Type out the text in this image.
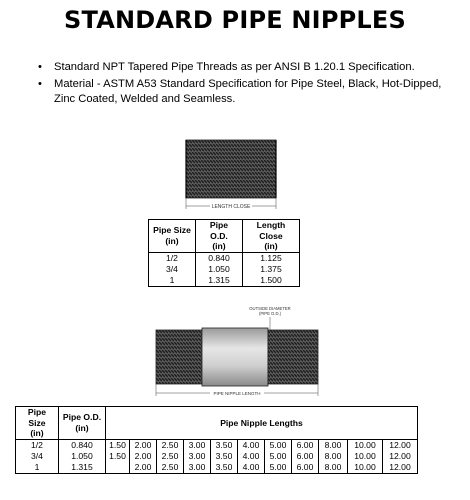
STANDARD PIPE NIPPLES
• Standard NPT Tapered Pipe Threads as per ANSI B 1.20.1 Specification.
• Material - ASTM A53 Standard Specification for Pipe Steel, Black, Hot-Dipped, Zinc Coated, Welded and Seamless.
LENGTH CLOSE
Pipe Size
(in)	Pipe O.D.
(in)	Length Close
(in)
1/2	0.840	1.125
3/4	1.050	1.375
1	1.315	1.500
OUTSIDE DIAMETER
(PIPE O.D.)
PIPE NIPPLE LENGTH
Pipe Size
(in)	Pipe O.D.
(in)	Pipe Nipple Lengths										
1/2	0.840	1.50	2.00	2.50	3.00	3.50	4.00	5.00	6.00	8.00	10.00	12.00
3/4	1.050	1.50	2.00	2.50	3.00	3.50	4.00	5.00	6.00	8.00	10.00	12.00
1	1.315		2.00	2.50	3.00	3.50	4.00	5.00	6.00	8.00	10.00	12.00
